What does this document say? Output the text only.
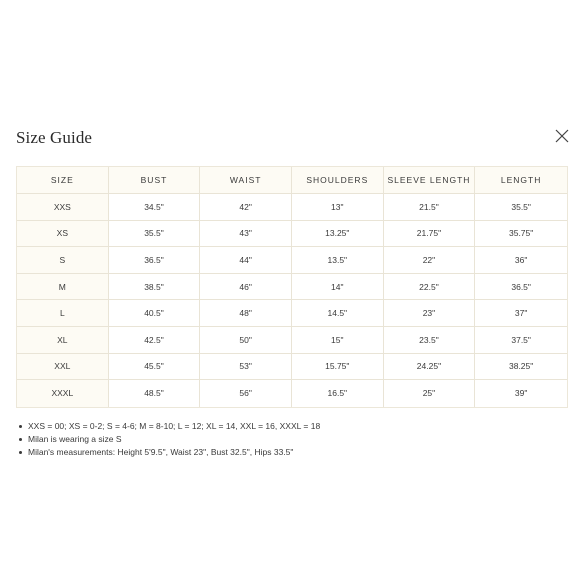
Size Guide
SIZE	BUST	WAIST	SHOULDERS	SLEEVE LENGTH	LENGTH
XXS	34.5"	42"	13"	21.5"	35.5"
XS	35.5"	43"	13.25"	21.75"	35.75"
S	36.5"	44"	13.5"	22"	36"
M	38.5"	46"	14"	22.5"	36.5"
L	40.5"	48"	14.5"	23"	37"
XL	42.5"	50"	15"	23.5"	37.5"
XXL	45.5"	53"	15.75"	24.25"	38.25"
XXXL	48.5"	56"	16.5"	25"	39"
XXS = 00; XS = 0-2; S = 4-6; M = 8-10; L = 12; XL = 14, XXL = 16, XXXL = 18
Milan is wearing a size S
Milan's measurements: Height 5'9.5", Waist 23", Bust 32.5", Hips 33.5"
